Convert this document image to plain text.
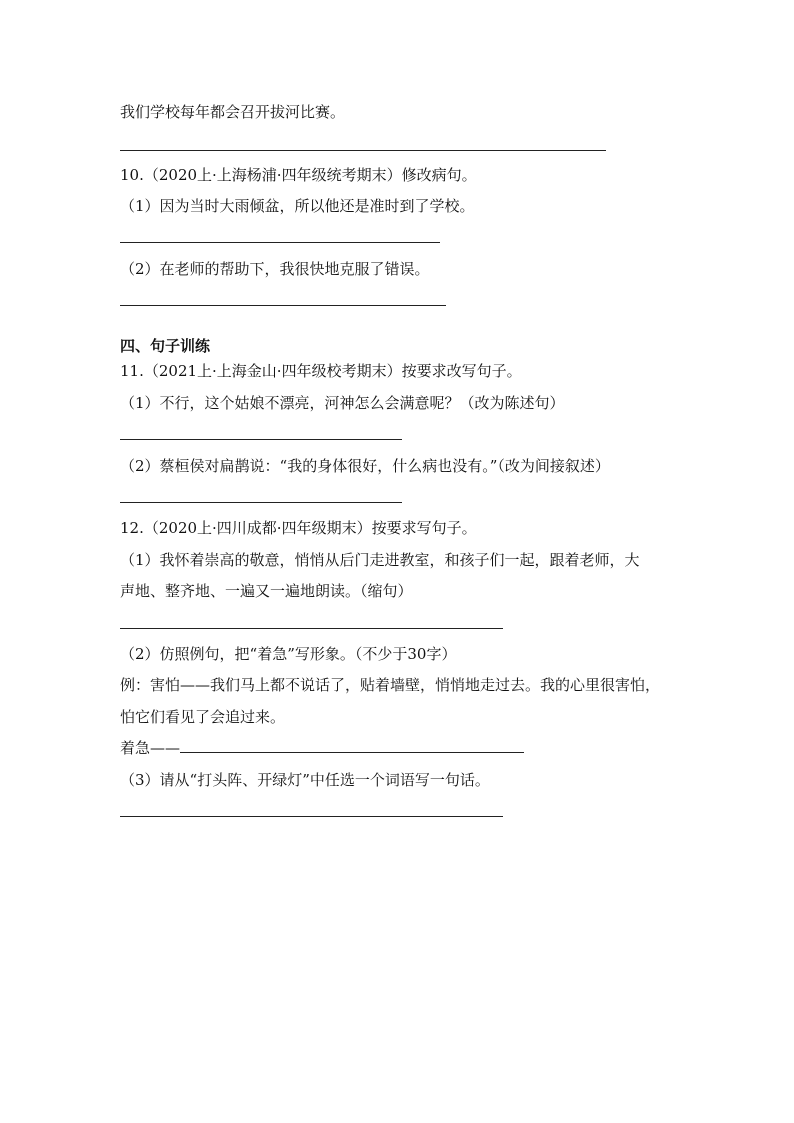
我们学校每年都会召开拔河比赛。
10.（2020上·上海杨浦·四年级统考期末）修改病句。
（1）因为当时大雨倾盆，所以他还是准时到了学校。
（2）在老师的帮助下，我很快地克服了错误。
四、句子训练
11.（2021上·上海金山·四年级校考期末）按要求改写句子。
（1）不行，这个姑娘不漂亮，河神怎么会满意呢？（改为陈述句）
（2）蔡桓侯对扁鹊说：“我的身体很好，什么病也没有。”（改为间接叙述）
12.（2020上·四川成都·四年级期末）按要求写句子。
（1）我怀着崇高的敬意，悄悄从后门走进教室，和孩子们一起，跟着老师，大
声地、整齐地、一遍又一遍地朗读。（缩句）
（2）仿照例句，把“着急”写形象。（不少于30字）
例：害怕——我们马上都不说话了，贴着墙壁，悄悄地走过去。我的心里很害怕，
怕它们看见了会追过来。
着急——
（3）请从“打头阵、开绿灯”中任选一个词语写一句话。
